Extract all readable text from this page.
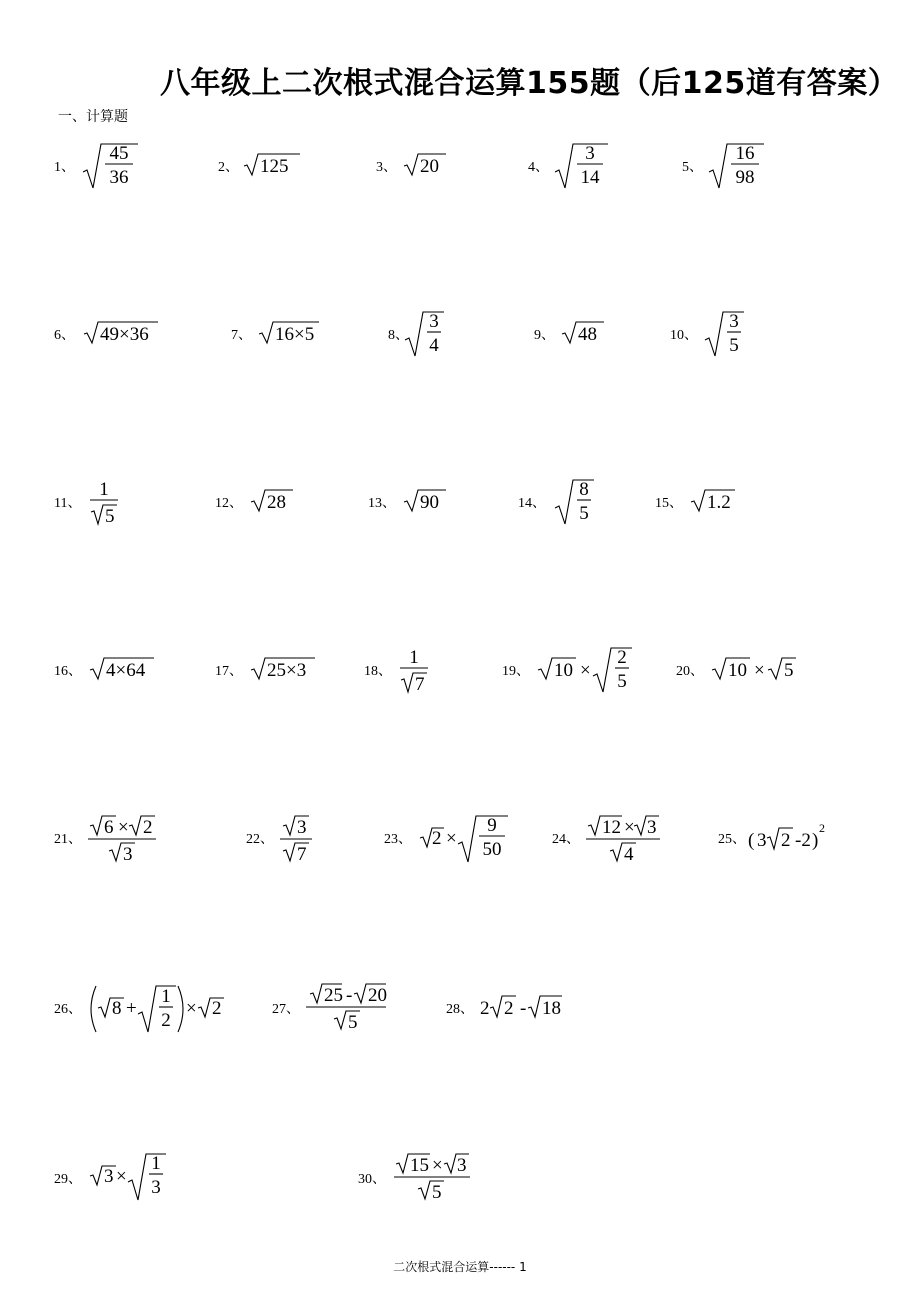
八年级上二次根式混合运算155题（后125道有答案）
一、计算题
1、
45
36	2、 125	3、 20	4、
3
14	5、
16
98
6、 49×36	7、 16×5	8、
3
4	9、 48	10、
3
5
11、
1
5
12、 28	13、 90	14、
8
5	15、 1.2
16、 4×64	17、 25×3	18、
1
7
19、 10 ×
2
5	20、 10 × 5
21、
6 × 2
3
22、
3
7
23、 2 ×
9
50	24、
12 × 3
4
25、 ( 3 2 -2 )
2
26、 8 +
1
2
× 2	27、
25 - 20
5
28、 2 2 - 18
29、 3 ×
1
3	30、
15 × 3
5
二次根式混合运算------ 1
